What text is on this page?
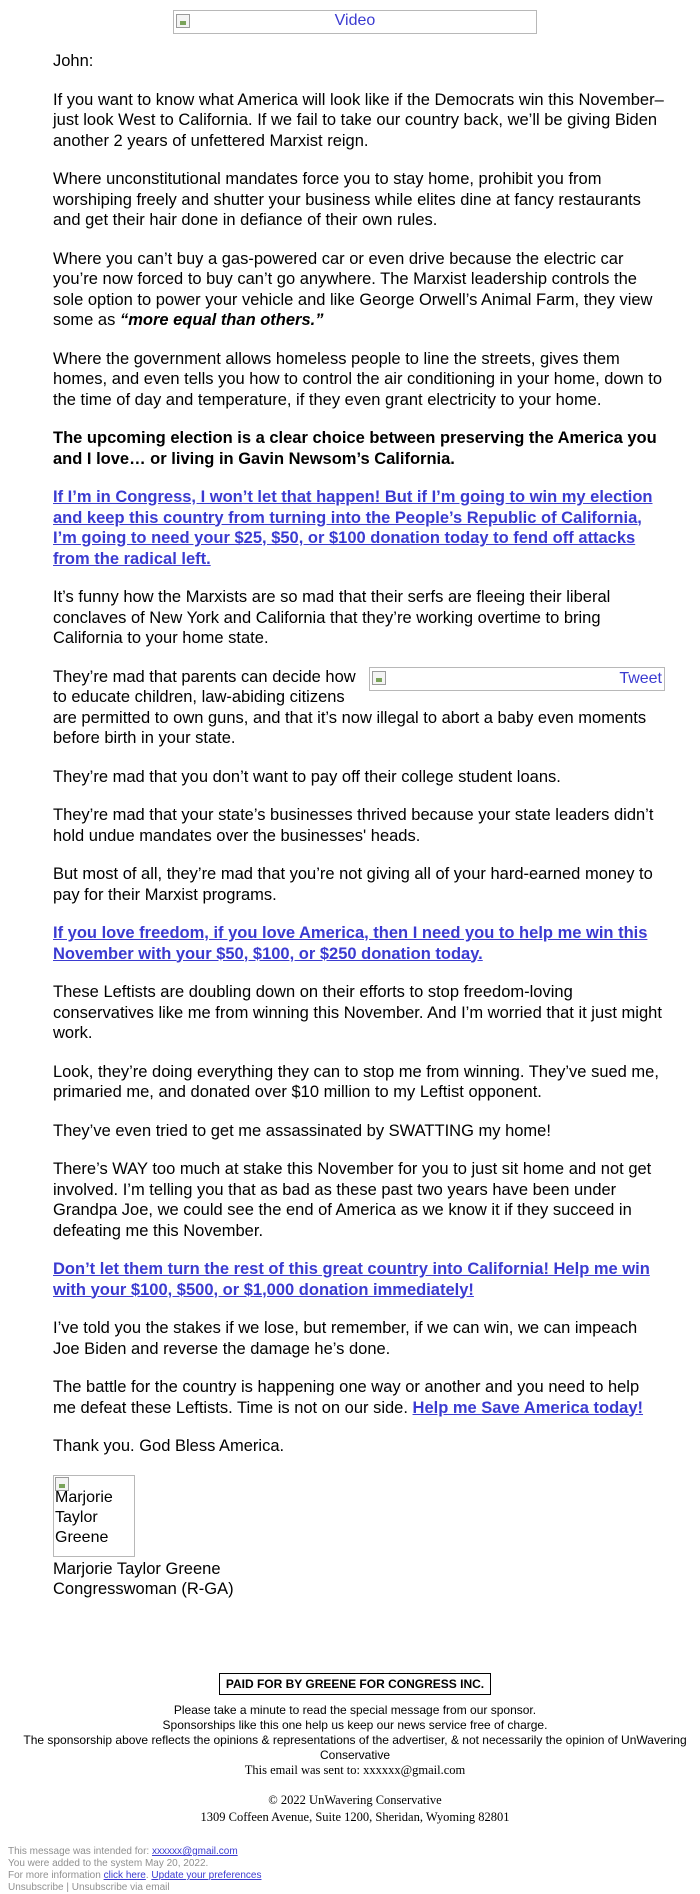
Video

John:

If you want to know what America will look like if the Democrats win this November– just look West to California. If we fail to take our country back, we’ll be giving Biden another 2 years of unfettered Marxist reign.

Where unconstitutional mandates force you to stay home, prohibit you from worshiping freely and shutter your business while elites dine at fancy restaurants and get their hair done in defiance of their own rules.

Where you can’t buy a gas-powered car or even drive because the electric car you’re now forced to buy can’t go anywhere. The Marxist leadership controls the sole option to power your vehicle and like George Orwell’s Animal Farm, they view some as “more equal than others.”

Where the government allows homeless people to line the streets, gives them homes, and even tells you how to control the air conditioning in your home, down to the time of day and temperature, if they even grant electricity to your home.

The upcoming election is a clear choice between preserving the America you and I love… or living in Gavin Newsom’s California.

If I’m in Congress, I won’t let that happen! But if I’m going to win my election and keep this country from turning into the People’s Republic of California, I’m going to need your $25, $50, or $100 donation today to fend off attacks from the radical left.

It’s funny how the Marxists are so mad that their serfs are fleeing their liberal conclaves of New York and California that they’re working overtime to bring California to your home state.

Tweet
They’re mad that parents can decide how to educate children, law-abiding citizens are permitted to own guns, and that it’s now illegal to abort a baby even moments before birth in your state.

They’re mad that you don’t want to pay off their college student loans.

They’re mad that your state’s businesses thrived because your state leaders didn’t hold undue mandates over the businesses' heads.

But most of all, they’re mad that you’re not giving all of your hard-earned money to pay for their Marxist programs.

If you love freedom, if you love America, then I need you to help me win this November with your $50, $100, or $250 donation today.

These Leftists are doubling down on their efforts to stop freedom-loving conservatives like me from winning this November. And I’m worried that it just might work.

Look, they’re doing everything they can to stop me from winning. They’ve sued me, primaried me, and donated over $10 million to my Leftist opponent.

They’ve even tried to get me assassinated by SWATTING my home!

There’s WAY too much at stake this November for you to just sit home and not get involved. I’m telling you that as bad as these past two years have been under Grandpa Joe, we could see the end of America as we know it if they succeed in defeating me this November.

Don’t let them turn the rest of this great country into California! Help me win with your $100, $500, or $1,000 donation immediately!

I’ve told you the stakes if we lose, but remember, if we can win, we can impeach Joe Biden and reverse the damage he’s done.

The battle for the country is happening one way or another and you need to help me defeat these Leftists. Time is not on our side. Help me Save America today!

Thank you. God Bless America.

Marjorie Taylor Greene
Marjorie Taylor Greene
Congresswoman (R-GA)
PAID FOR BY GREENE FOR CONGRESS INC.
Please take a minute to read the special message from our sponsor.
Sponsorships like this one help us keep our news service free of charge.
The sponsorship above reflects the opinions & representations of the advertiser, & not necessarily the opinion of UnWavering Conservative
This email was sent to: xxxxxx@gmail.com
© 2022 UnWavering Conservative
1309 Coffeen Avenue, Suite 1200, Sheridan, Wyoming 82801
This message was intended for: xxxxxx@gmail.com
You were added to the system May 20, 2022.
For more information click here. Update your preferences
Unsubscribe | Unsubscribe via email
